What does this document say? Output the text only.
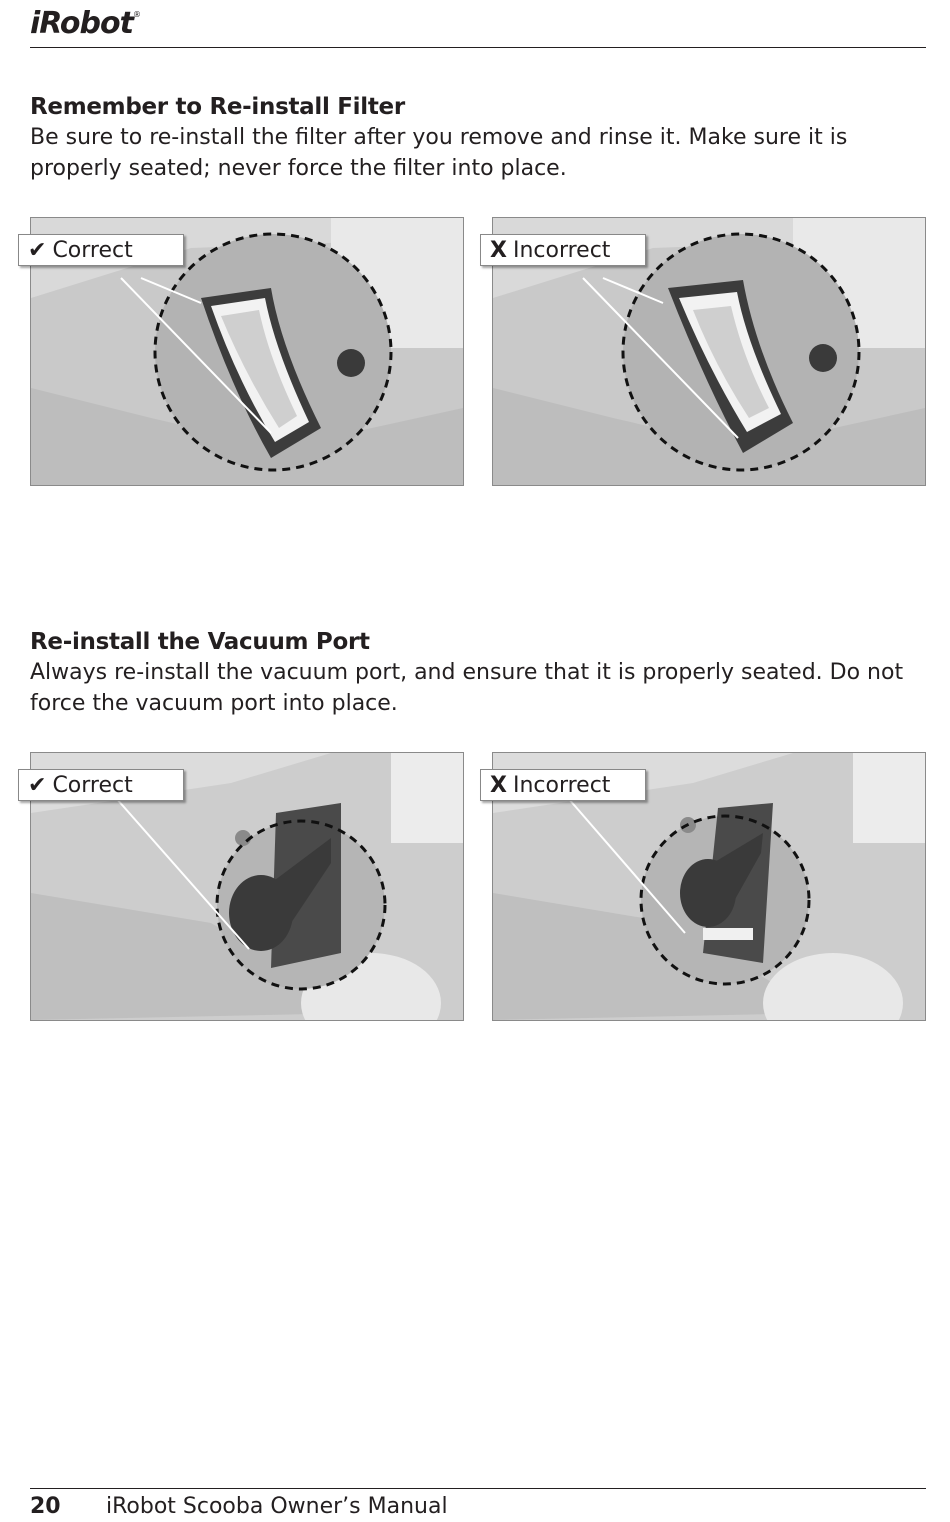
iRobot®
Remember to Re-install Filter

Be sure to re-install the filter after you remove and rinse it. Make sure it is properly seated; never force the filter into place.

✔ Correct	X Incorrect
Re-install the Vacuum Port

Always re-install the vacuum port, and ensure that it is properly seated. Do not force the vacuum port into place.

✔ Correct	X Incorrect
20 iRobot Scooba Owner’s Manual
